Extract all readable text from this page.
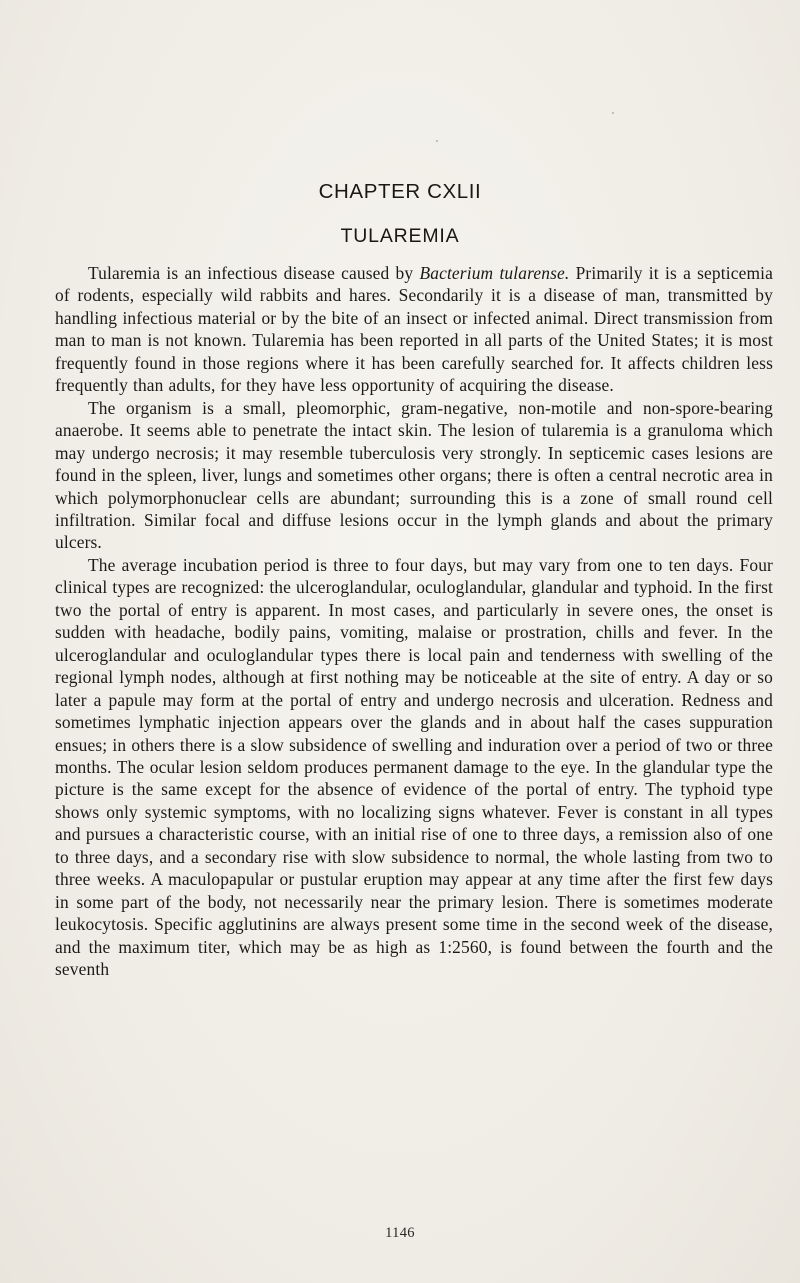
CHAPTER CXLII
TULAREMIA

Tularemia is an infectious disease caused by Bacterium tularense. Primarily it is a septicemia of rodents, especially wild rabbits and hares. Secondarily it is a disease of man, transmitted by handling infectious material or by the bite of an insect or infected animal. Direct transmission from man to man is not known. Tularemia has been reported in all parts of the United States; it is most frequently found in those regions where it has been carefully searched for. It affects children less frequently than adults, for they have less opportunity of acquiring the disease.

The organism is a small, pleomorphic, gram-negative, non-motile and non-spore-bearing anaerobe. It seems able to penetrate the intact skin. The lesion of tularemia is a granuloma which may undergo necrosis; it may resemble tuberculosis very strongly. In septicemic cases lesions are found in the spleen, liver, lungs and sometimes other organs; there is often a central necrotic area in which polymorphonuclear cells are abundant; surrounding this is a zone of small round cell infiltration. Similar focal and diffuse lesions occur in the lymph glands and about the primary ulcers.

The average incubation period is three to four days, but may vary from one to ten days. Four clinical types are recognized: the ulceroglandular, oculoglandular, glandular and typhoid. In the first two the portal of entry is apparent. In most cases, and particularly in severe ones, the onset is sudden with headache, bodily pains, vomiting, malaise or prostration, chills and fever. In the ulceroglandular and oculoglandular types there is local pain and tenderness with swelling of the regional lymph nodes, although at first nothing may be noticeable at the site of entry. A day or so later a papule may form at the portal of entry and undergo necrosis and ulceration. Redness and sometimes lymphatic injection appears over the glands and in about half the cases suppuration ensues; in others there is a slow subsidence of swelling and induration over a period of two or three months. The ocular lesion seldom produces permanent damage to the eye. In the glandular type the picture is the same except for the absence of evidence of the portal of entry. The typhoid type shows only systemic symptoms, with no localizing signs whatever. Fever is constant in all types and pursues a characteristic course, with an initial rise of one to three days, a remission also of one to three days, and a secondary rise with slow subsidence to normal, the whole lasting from two to three weeks. A maculopapular or pustular eruption may appear at any time after the first few days in some part of the body, not necessarily near the primary lesion. There is sometimes moderate leukocytosis. Specific agglutinins are always present some time in the second week of the disease, and the maximum titer, which may be as high as 1:2560, is found between the fourth and the seventh

1146
